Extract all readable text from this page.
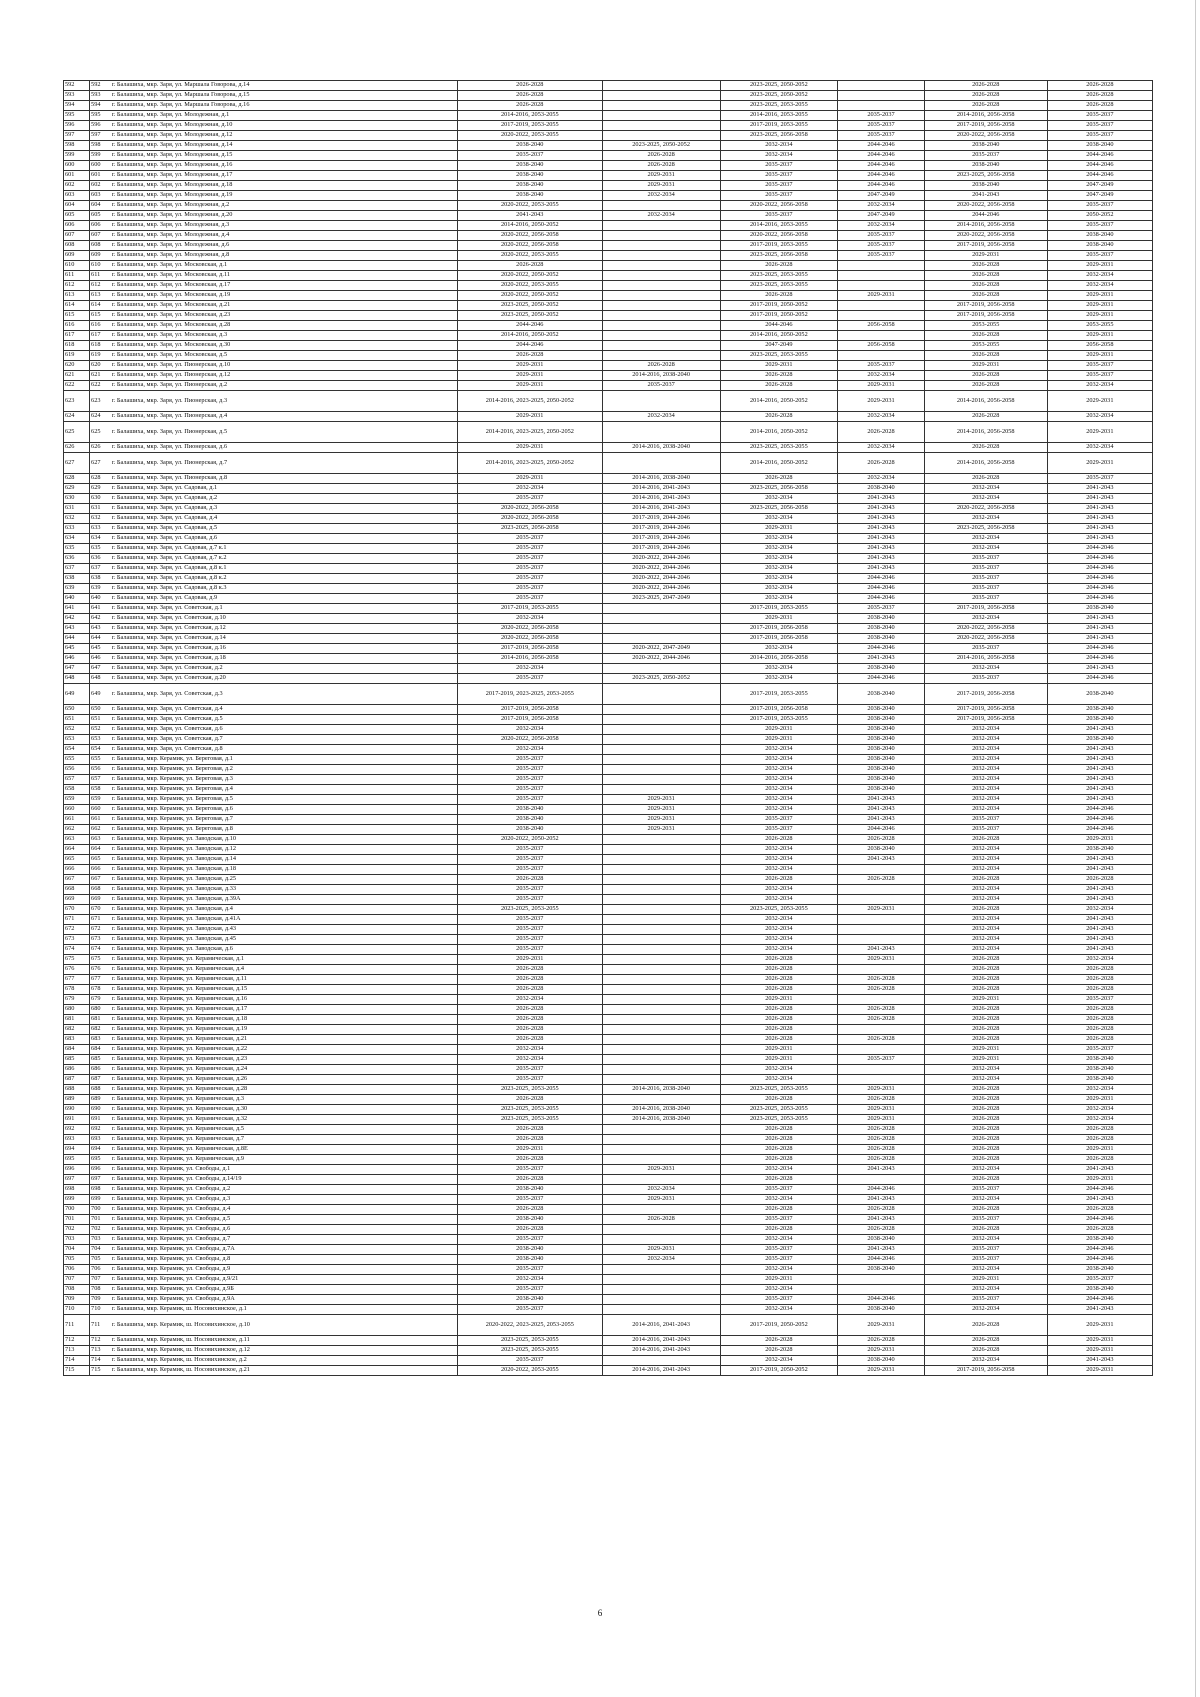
592	592	г. Балашиха, мкр. Заря, ул. Маршала Говорова, д.14	2026-2028		2023-2025, 2050-2052		2026-2028	2026-2028
593	593	г. Балашиха, мкр. Заря, ул. Маршала Говорова, д.15	2026-2028		2023-2025, 2050-2052		2026-2028	2026-2028
594	594	г. Балашиха, мкр. Заря, ул. Маршала Говорова, д.16	2026-2028		2023-2025, 2053-2055		2026-2028	2026-2028
595	595	г. Балашиха, мкр. Заря, ул. Молодежная, д.1	2014-2016, 2053-2055		2014-2016, 2053-2055	2035-2037	2014-2016, 2056-2058	2035-2037
596	596	г. Балашиха, мкр. Заря, ул. Молодежная, д.10	2017-2019, 2053-2055		2017-2019, 2053-2055	2035-2037	2017-2019, 2056-2058	2035-2037
597	597	г. Балашиха, мкр. Заря, ул. Молодежная, д.12	2020-2022, 2053-2055		2023-2025, 2056-2058	2035-2037	2020-2022, 2056-2058	2035-2037
598	598	г. Балашиха, мкр. Заря, ул. Молодежная, д.14	2038-2040	2023-2025, 2050-2052	2032-2034	2044-2046	2038-2040	2038-2040
599	599	г. Балашиха, мкр. Заря, ул. Молодежная, д.15	2035-2037	2026-2028	2032-2034	2044-2046	2035-2037	2044-2046
600	600	г. Балашиха, мкр. Заря, ул. Молодежная, д.16	2038-2040	2026-2028	2035-2037	2044-2046	2038-2040	2044-2046
601	601	г. Балашиха, мкр. Заря, ул. Молодежная, д.17	2038-2040	2029-2031	2035-2037	2044-2046	2023-2025, 2056-2058	2044-2046
602	602	г. Балашиха, мкр. Заря, ул. Молодежная, д.18	2038-2040	2029-2031	2035-2037	2044-2046	2038-2040	2047-2049
603	603	г. Балашиха, мкр. Заря, ул. Молодежная, д.19	2038-2040	2032-2034	2035-2037	2047-2049	2041-2043	2047-2049
604	604	г. Балашиха, мкр. Заря, ул. Молодежная, д.2	2020-2022, 2053-2055		2020-2022, 2056-2058	2032-2034	2020-2022, 2056-2058	2035-2037
605	605	г. Балашиха, мкр. Заря, ул. Молодежная, д.20	2041-2043	2032-2034	2035-2037	2047-2049	2044-2046	2050-2052
606	606	г. Балашиха, мкр. Заря, ул. Молодежная, д.3	2014-2016, 2050-2052		2014-2016, 2053-2055	2032-2034	2014-2016, 2056-2058	2035-2037
607	607	г. Балашиха, мкр. Заря, ул. Молодежная, д.4	2020-2022, 2056-2058		2020-2022, 2056-2058	2035-2037	2020-2022, 2056-2058	2038-2040
608	608	г. Балашиха, мкр. Заря, ул. Молодежная, д.6	2020-2022, 2056-2058		2017-2019, 2053-2055	2035-2037	2017-2019, 2056-2058	2038-2040
609	609	г. Балашиха, мкр. Заря, ул. Молодежная, д.8	2020-2022, 2053-2055		2023-2025, 2056-2058	2035-2037	2029-2031	2035-2037
610	610	г. Балашиха, мкр. Заря, ул. Московская, д.1	2026-2028		2026-2028		2026-2028	2029-2031
611	611	г. Балашиха, мкр. Заря, ул. Московская, д.11	2020-2022, 2050-2052		2023-2025, 2053-2055		2026-2028	2032-2034
612	612	г. Балашиха, мкр. Заря, ул. Московская, д.17	2020-2022, 2053-2055		2023-2025, 2053-2055		2026-2028	2032-2034
613	613	г. Балашиха, мкр. Заря, ул. Московская, д.19	2020-2022, 2050-2052		2026-2028	2029-2031	2026-2028	2029-2031
614	614	г. Балашиха, мкр. Заря, ул. Московская, д.21	2023-2025, 2050-2052		2017-2019, 2050-2052		2017-2019, 2056-2058	2029-2031
615	615	г. Балашиха, мкр. Заря, ул. Московская, д.23	2023-2025, 2050-2052		2017-2019, 2050-2052		2017-2019, 2056-2058	2029-2031
616	616	г. Балашиха, мкр. Заря, ул. Московская, д.28	2044-2046		2044-2046	2056-2058	2053-2055	2053-2055
617	617	г. Балашиха, мкр. Заря, ул. Московская, д.3	2014-2016, 2050-2052		2014-2016, 2050-2052		2026-2028	2029-2031
618	618	г. Балашиха, мкр. Заря, ул. Московская, д.30	2044-2046		2047-2049	2056-2058	2053-2055	2056-2058
619	619	г. Балашиха, мкр. Заря, ул. Московская, д.5	2026-2028		2023-2025, 2053-2055		2026-2028	2029-2031
620	620	г. Балашиха, мкр. Заря, ул. Пионерская, д.10	2029-2031	2026-2028	2029-2031	2035-2037	2029-2031	2035-2037
621	621	г. Балашиха, мкр. Заря, ул. Пионерская, д.12	2029-2031	2014-2016, 2038-2040	2026-2028	2032-2034	2026-2028	2035-2037
622	622	г. Балашиха, мкр. Заря, ул. Пионерская, д.2	2029-2031	2035-2037	2026-2028	2029-2031	2026-2028	2032-2034
623	623	г. Балашиха, мкр. Заря, ул. Пионерская, д.3	2014-2016, 2023-2025, 2050-2052		2014-2016, 2050-2052	2029-2031	2014-2016, 2056-2058	2029-2031
624	624	г. Балашиха, мкр. Заря, ул. Пионерская, д.4	2029-2031	2032-2034	2026-2028	2032-2034	2026-2028	2032-2034
625	625	г. Балашиха, мкр. Заря, ул. Пионерская, д.5	2014-2016, 2023-2025, 2050-2052		2014-2016, 2050-2052	2026-2028	2014-2016, 2056-2058	2029-2031
626	626	г. Балашиха, мкр. Заря, ул. Пионерская, д.6	2029-2031	2014-2016, 2038-2040	2023-2025, 2053-2055	2032-2034	2026-2028	2032-2034
627	627	г. Балашиха, мкр. Заря, ул. Пионерская, д.7	2014-2016, 2023-2025, 2050-2052		2014-2016, 2050-2052	2026-2028	2014-2016, 2056-2058	2029-2031
628	628	г. Балашиха, мкр. Заря, ул. Пионерская, д.8	2029-2031	2014-2016, 2038-2040	2026-2028	2032-2034	2026-2028	2035-2037
629	629	г. Балашиха, мкр. Заря, ул. Садовая, д.1	2032-2034	2014-2016, 2041-2043	2023-2025, 2056-2058	2038-2040	2032-2034	2041-2043
630	630	г. Балашиха, мкр. Заря, ул. Садовая, д.2	2035-2037	2014-2016, 2041-2043	2032-2034	2041-2043	2032-2034	2041-2043
631	631	г. Балашиха, мкр. Заря, ул. Садовая, д.3	2020-2022, 2056-2058	2014-2016, 2041-2043	2023-2025, 2056-2058	2041-2043	2020-2022, 2056-2058	2041-2043
632	632	г. Балашиха, мкр. Заря, ул. Садовая, д.4	2020-2022, 2056-2058	2017-2019, 2044-2046	2032-2034	2041-2043	2032-2034	2041-2043
633	633	г. Балашиха, мкр. Заря, ул. Садовая, д.5	2023-2025, 2056-2058	2017-2019, 2044-2046	2029-2031	2041-2043	2023-2025, 2056-2058	2041-2043
634	634	г. Балашиха, мкр. Заря, ул. Садовая, д.6	2035-2037	2017-2019, 2044-2046	2032-2034	2041-2043	2032-2034	2041-2043
635	635	г. Балашиха, мкр. Заря, ул. Садовая, д.7 к.1	2035-2037	2017-2019, 2044-2046	2032-2034	2041-2043	2032-2034	2044-2046
636	636	г. Балашиха, мкр. Заря, ул. Садовая, д.7 к.2	2035-2037	2020-2022, 2044-2046	2032-2034	2041-2043	2035-2037	2044-2046
637	637	г. Балашиха, мкр. Заря, ул. Садовая, д.8 к.1	2035-2037	2020-2022, 2044-2046	2032-2034	2041-2043	2035-2037	2044-2046
638	638	г. Балашиха, мкр. Заря, ул. Садовая, д.8 к.2	2035-2037	2020-2022, 2044-2046	2032-2034	2044-2046	2035-2037	2044-2046
639	639	г. Балашиха, мкр. Заря, ул. Садовая, д.8 к.3	2035-2037	2020-2022, 2044-2046	2032-2034	2044-2046	2035-2037	2044-2046
640	640	г. Балашиха, мкр. Заря, ул. Садовая, д.9	2035-2037	2023-2025, 2047-2049	2032-2034	2044-2046	2035-2037	2044-2046
641	641	г. Балашиха, мкр. Заря, ул. Советская, д.1	2017-2019, 2053-2055		2017-2019, 2053-2055	2035-2037	2017-2019, 2056-2058	2038-2040
642	642	г. Балашиха, мкр. Заря, ул. Советская, д.10	2032-2034		2029-2031	2038-2040	2032-2034	2041-2043
643	643	г. Балашиха, мкр. Заря, ул. Советская, д.12	2020-2022, 2056-2058		2017-2019, 2056-2058	2038-2040	2020-2022, 2056-2058	2041-2043
644	644	г. Балашиха, мкр. Заря, ул. Советская, д.14	2020-2022, 2056-2058		2017-2019, 2056-2058	2038-2040	2020-2022, 2056-2058	2041-2043
645	645	г. Балашиха, мкр. Заря, ул. Советская, д.16	2017-2019, 2056-2058	2020-2022, 2047-2049	2032-2034	2044-2046	2035-2037	2044-2046
646	646	г. Балашиха, мкр. Заря, ул. Советская, д.18	2014-2016, 2056-2058	2020-2022, 2044-2046	2014-2016, 2056-2058	2041-2043	2014-2016, 2056-2058	2044-2046
647	647	г. Балашиха, мкр. Заря, ул. Советская, д.2	2032-2034		2032-2034	2038-2040	2032-2034	2041-2043
648	648	г. Балашиха, мкр. Заря, ул. Советская, д.20	2035-2037	2023-2025, 2050-2052	2032-2034	2044-2046	2035-2037	2044-2046
649	649	г. Балашиха, мкр. Заря, ул. Советская, д.3	2017-2019, 2023-2025, 2053-2055		2017-2019, 2053-2055	2038-2040	2017-2019, 2056-2058	2038-2040
650	650	г. Балашиха, мкр. Заря, ул. Советская, д.4	2017-2019, 2056-2058		2017-2019, 2056-2058	2038-2040	2017-2019, 2056-2058	2038-2040
651	651	г. Балашиха, мкр. Заря, ул. Советская, д.5	2017-2019, 2056-2058		2017-2019, 2053-2055	2038-2040	2017-2019, 2056-2058	2038-2040
652	652	г. Балашиха, мкр. Заря, ул. Советская, д.6	2032-2034		2029-2031	2038-2040	2032-2034	2041-2043
653	653	г. Балашиха, мкр. Заря, ул. Советская, д.7	2020-2022, 2056-2058		2029-2031	2038-2040	2032-2034	2038-2040
654	654	г. Балашиха, мкр. Заря, ул. Советская, д.8	2032-2034		2032-2034	2038-2040	2032-2034	2041-2043
655	655	г. Балашиха, мкр. Керамик, ул. Береговая, д.1	2035-2037		2032-2034	2038-2040	2032-2034	2041-2043
656	656	г. Балашиха, мкр. Керамик, ул. Береговая, д.2	2035-2037		2032-2034	2038-2040	2032-2034	2041-2043
657	657	г. Балашиха, мкр. Керамик, ул. Береговая, д.3	2035-2037		2032-2034	2038-2040	2032-2034	2041-2043
658	658	г. Балашиха, мкр. Керамик, ул. Береговая, д.4	2035-2037		2032-2034	2038-2040	2032-2034	2041-2043
659	659	г. Балашиха, мкр. Керамик, ул. Береговая, д.5	2035-2037	2029-2031	2032-2034	2041-2043	2032-2034	2041-2043
660	660	г. Балашиха, мкр. Керамик, ул. Береговая, д.6	2038-2040	2029-2031	2032-2034	2041-2043	2032-2034	2044-2046
661	661	г. Балашиха, мкр. Керамик, ул. Береговая, д.7	2038-2040	2029-2031	2035-2037	2041-2043	2035-2037	2044-2046
662	662	г. Балашиха, мкр. Керамик, ул. Береговая, д.8	2038-2040	2029-2031	2035-2037	2044-2046	2035-2037	2044-2046
663	663	г. Балашиха, мкр. Керамик, ул. Заводская, д.10	2020-2022, 2050-2052		2026-2028	2026-2028	2026-2028	2029-2031
664	664	г. Балашиха, мкр. Керамик, ул. Заводская, д.12	2035-2037		2032-2034	2038-2040	2032-2034	2038-2040
665	665	г. Балашиха, мкр. Керамик, ул. Заводская, д.14	2035-2037		2032-2034	2041-2043	2032-2034	2041-2043
666	666	г. Балашиха, мкр. Керамик, ул. Заводская, д.18	2035-2037		2032-2034		2032-2034	2041-2043
667	667	г. Балашиха, мкр. Керамик, ул. Заводская, д.25	2026-2028		2026-2028	2026-2028	2026-2028	2026-2028
668	668	г. Балашиха, мкр. Керамик, ул. Заводская, д.33	2035-2037		2032-2034		2032-2034	2041-2043
669	669	г. Балашиха, мкр. Керамик, ул. Заводская, д.39А	2035-2037		2032-2034		2032-2034	2041-2043
670	670	г. Балашиха, мкр. Керамик, ул. Заводская, д.4	2023-2025, 2053-2055		2023-2025, 2053-2055	2029-2031	2026-2028	2032-2034
671	671	г. Балашиха, мкр. Керамик, ул. Заводская, д.41А	2035-2037		2032-2034		2032-2034	2041-2043
672	672	г. Балашиха, мкр. Керамик, ул. Заводская, д.43	2035-2037		2032-2034		2032-2034	2041-2043
673	673	г. Балашиха, мкр. Керамик, ул. Заводская, д.45	2035-2037		2032-2034		2032-2034	2041-2043
674	674	г. Балашиха, мкр. Керамик, ул. Заводская, д.6	2035-2037		2032-2034	2041-2043	2032-2034	2041-2043
675	675	г. Балашиха, мкр. Керамик, ул. Керамическая, д.1	2029-2031		2026-2028	2029-2031	2026-2028	2032-2034
676	676	г. Балашиха, мкр. Керамик, ул. Керамическая, д.4	2026-2028		2026-2028		2026-2028	2026-2028
677	677	г. Балашиха, мкр. Керамик, ул. Керамическая, д.11	2026-2028		2026-2028	2026-2028	2026-2028	2026-2028
678	678	г. Балашиха, мкр. Керамик, ул. Керамическая, д.15	2026-2028		2026-2028	2026-2028	2026-2028	2026-2028
679	679	г. Балашиха, мкр. Керамик, ул. Керамическая, д.16	2032-2034		2029-2031		2029-2031	2035-2037
680	680	г. Балашиха, мкр. Керамик, ул. Керамическая, д.17	2026-2028		2026-2028	2026-2028	2026-2028	2026-2028
681	681	г. Балашиха, мкр. Керамик, ул. Керамическая, д.18	2026-2028		2026-2028	2026-2028	2026-2028	2026-2028
682	682	г. Балашиха, мкр. Керамик, ул. Керамическая, д.19	2026-2028		2026-2028		2026-2028	2026-2028
683	683	г. Балашиха, мкр. Керамик, ул. Керамическая, д.21	2026-2028		2026-2028	2026-2028	2026-2028	2026-2028
684	684	г. Балашиха, мкр. Керамик, ул. Керамическая, д.22	2032-2034		2029-2031		2029-2031	2035-2037
685	685	г. Балашиха, мкр. Керамик, ул. Керамическая, д.23	2032-2034		2029-2031	2035-2037	2029-2031	2038-2040
686	686	г. Балашиха, мкр. Керамик, ул. Керамическая, д.24	2035-2037		2032-2034		2032-2034	2038-2040
687	687	г. Балашиха, мкр. Керамик, ул. Керамическая, д.26	2035-2037		2032-2034		2032-2034	2038-2040
688	688	г. Балашиха, мкр. Керамик, ул. Керамическая, д.28	2023-2025, 2053-2055	2014-2016, 2038-2040	2023-2025, 2053-2055	2029-2031	2026-2028	2032-2034
689	689	г. Балашиха, мкр. Керамик, ул. Керамическая, д.3	2026-2028		2026-2028	2026-2028	2026-2028	2029-2031
690	690	г. Балашиха, мкр. Керамик, ул. Керамическая, д.30	2023-2025, 2053-2055	2014-2016, 2038-2040	2023-2025, 2053-2055	2029-2031	2026-2028	2032-2034
691	691	г. Балашиха, мкр. Керамик, ул. Керамическая, д.32	2023-2025, 2053-2055	2014-2016, 2038-2040	2023-2025, 2053-2055	2029-2031	2026-2028	2032-2034
692	692	г. Балашиха, мкр. Керамик, ул. Керамическая, д.5	2026-2028		2026-2028	2026-2028	2026-2028	2026-2028
693	693	г. Балашиха, мкр. Керамик, ул. Керамическая, д.7	2026-2028		2026-2028	2026-2028	2026-2028	2026-2028
694	694	г. Балашиха, мкр. Керамик, ул. Керамическая, д.8Е	2029-2031		2026-2028	2026-2028	2026-2028	2029-2031
695	695	г. Балашиха, мкр. Керамик, ул. Керамическая, д.9	2026-2028		2026-2028	2026-2028	2026-2028	2026-2028
696	696	г. Балашиха, мкр. Керамик, ул. Свободы, д.1	2035-2037	2029-2031	2032-2034	2041-2043	2032-2034	2041-2043
697	697	г. Балашиха, мкр. Керамик, ул. Свободы, д.14/19	2026-2028		2026-2028		2026-2028	2029-2031
698	698	г. Балашиха, мкр. Керамик, ул. Свободы, д.2	2038-2040	2032-2034	2035-2037	2044-2046	2035-2037	2044-2046
699	699	г. Балашиха, мкр. Керамик, ул. Свободы, д.3	2035-2037	2029-2031	2032-2034	2041-2043	2032-2034	2041-2043
700	700	г. Балашиха, мкр. Керамик, ул. Свободы, д.4	2026-2028		2026-2028	2026-2028	2026-2028	2026-2028
701	701	г. Балашиха, мкр. Керамик, ул. Свободы, д.5	2038-2040	2026-2028	2035-2037	2041-2043	2035-2037	2044-2046
702	702	г. Балашиха, мкр. Керамик, ул. Свободы, д.6	2026-2028		2026-2028	2026-2028	2026-2028	2026-2028
703	703	г. Балашиха, мкр. Керамик, ул. Свободы, д.7	2035-2037		2032-2034	2038-2040	2032-2034	2038-2040
704	704	г. Балашиха, мкр. Керамик, ул. Свободы, д.7А	2038-2040	2029-2031	2035-2037	2041-2043	2035-2037	2044-2046
705	705	г. Балашиха, мкр. Керамик, ул. Свободы, д.8	2038-2040	2032-2034	2035-2037	2044-2046	2035-2037	2044-2046
706	706	г. Балашиха, мкр. Керамик, ул. Свободы, д.9	2035-2037		2032-2034	2038-2040	2032-2034	2038-2040
707	707	г. Балашиха, мкр. Керамик, ул. Свободы, д.9/21	2032-2034		2029-2031		2029-2031	2035-2037
708	708	г. Балашиха, мкр. Керамик, ул. Свободы, д.9Б	2035-2037		2032-2034		2032-2034	2038-2040
709	709	г. Балашиха, мкр. Керамик, ул. Свободы, д.9А	2038-2040		2035-2037	2044-2046	2035-2037	2044-2046
710	710	г. Балашиха, мкр. Керамик, ш. Носовихинское, д.1	2035-2037		2032-2034	2038-2040	2032-2034	2041-2043
711	711	г. Балашиха, мкр. Керамик, ш. Носовихинское, д.10	2020-2022, 2023-2025, 2053-2055	2014-2016, 2041-2043	2017-2019, 2050-2052	2029-2031	2026-2028	2029-2031
712	712	г. Балашиха, мкр. Керамик, ш. Носовихинское, д.11	2023-2025, 2053-2055	2014-2016, 2041-2043	2026-2028	2026-2028	2026-2028	2029-2031
713	713	г. Балашиха, мкр. Керамик, ш. Носовихинское, д.12	2023-2025, 2053-2055	2014-2016, 2041-2043	2026-2028	2029-2031	2026-2028	2029-2031
714	714	г. Балашиха, мкр. Керамик, ш. Носовихинское, д.2	2035-2037		2032-2034	2038-2040	2032-2034	2041-2043
715	715	г. Балашиха, мкр. Керамик, ш. Носовихинское, д.21	2020-2022, 2053-2055	2014-2016, 2041-2043	2017-2019, 2050-2052	2029-2031	2017-2019, 2056-2058	2029-2031
6
